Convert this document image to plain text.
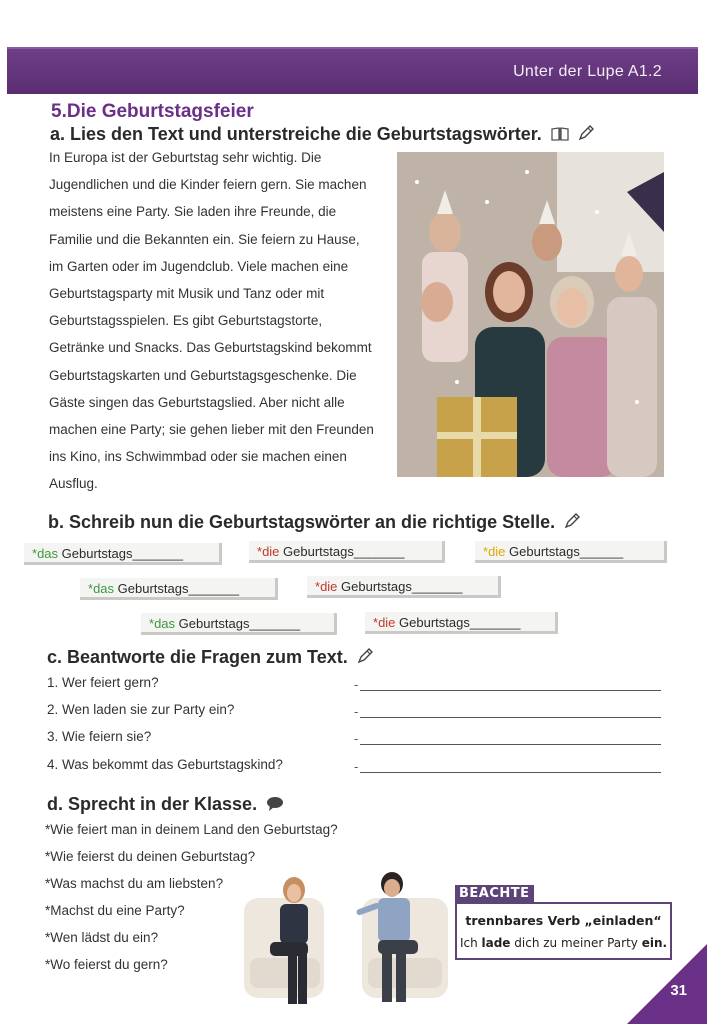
Unter der Lupe A1.2
5.Die Geburtstagsfeier
a. Lies den Text und unterstreiche die Geburtstagswörter.
In Europa ist der Geburtstag sehr wichtig. Die
Jugendlichen und die Kinder feiern gern. Sie machen
meistens eine Party. Sie laden ihre Freunde, die
Familie und die Bekannten ein. Sie feiern zu Hause,
im Garten oder im Jugendclub. Viele machen eine
Geburtstagsparty mit Musik und Tanz oder mit
Geburtstagsspielen. Es gibt Geburtstagstorte,
Getränke und Snacks. Das Geburtstagskind bekommt
Geburtstagskarten und Geburtstagsgeschenke. Die
Gäste singen das Geburtstagslied. Aber nicht alle
machen eine Party; sie gehen lieber mit den Freunden
ins Kino, ins Schwimmbad oder sie machen einen
Ausflug.
b. Schreib nun die Geburtstagswörter an die richtige Stelle.
*das Geburtstags_______	*die Geburtstags_______	*die Geburtstags______
*das Geburtstags_______	*die Geburtstags_______
*das Geburtstags_______	*die Geburtstags_______
c. Beantworte die Fragen zum Text.
1. Wer feiert gern?	-
2. Wen laden sie zur Party ein?	-
3. Wie feiern sie?	-
4. Was bekommt das Geburtstagskind?	-
d. Sprecht in der Klasse.
*Wie feiert man in deinem Land den Geburtstag?
*Wie feierst du deinen Geburtstag?
*Was machst du am liebsten?
*Machst du eine Party?
*Wen lädst du ein?
*Wo feierst du gern?
trennbares Verb „einladen“
Ich lade dich zu meiner Party ein.
BEACHTE
31
